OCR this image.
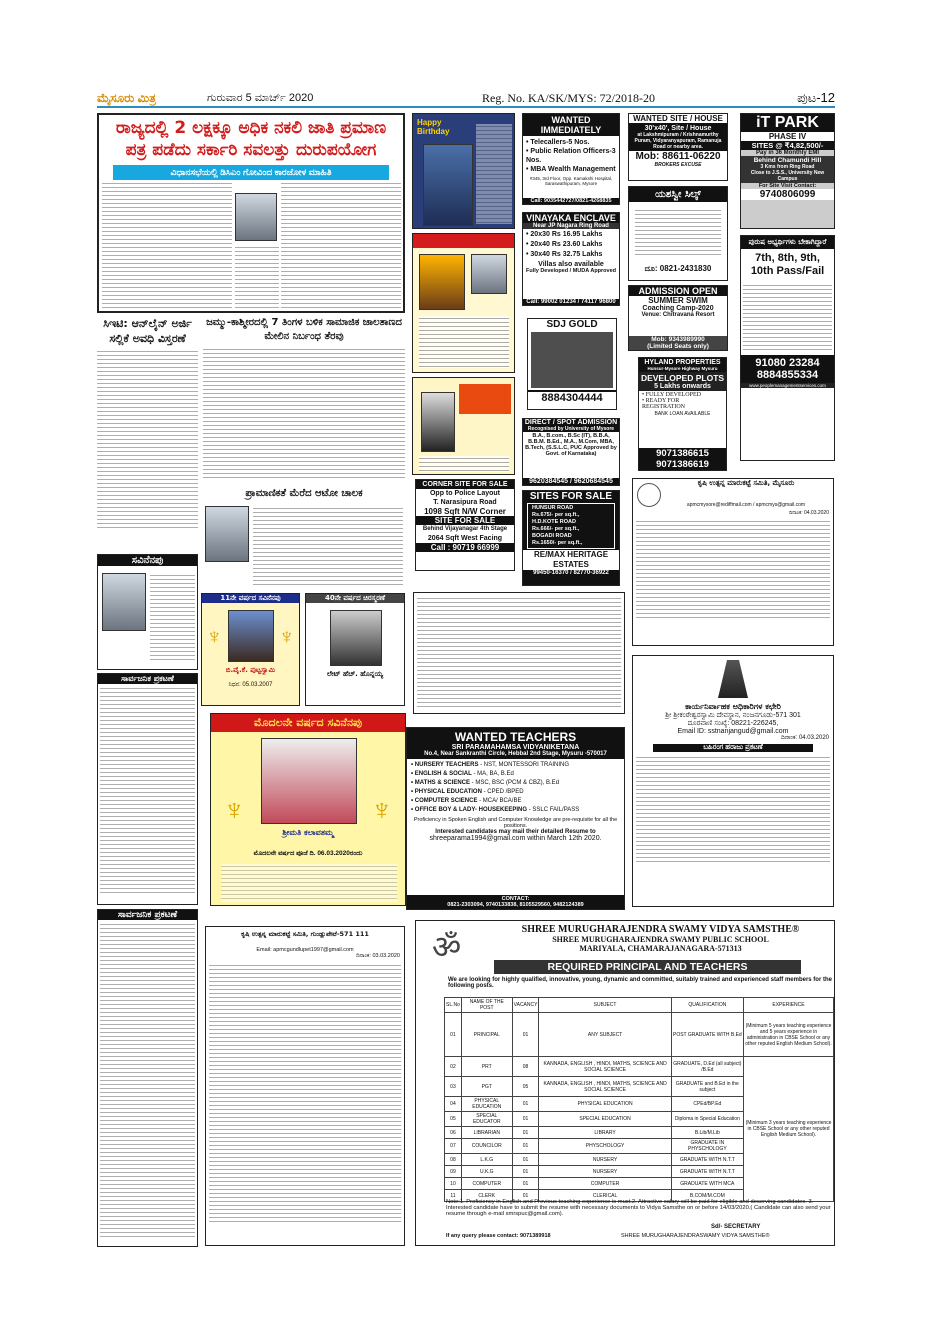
ಮೈಸೂರು ಮಿತ್ರ	ಗುರುವಾರ 5 ಮಾರ್ಚ್ 2020	Reg. No. KA/SK/MYS: 72/2018-20	ಪುಟ-12
ರಾಜ್ಯದಲ್ಲಿ 2 ಲಕ್ಷಕ್ಕೂ ಅಧಿಕ ನಕಲಿ ಜಾತಿ ಪ್ರಮಾಣ ಪತ್ರ ಪಡೆದು ಸರ್ಕಾರಿ ಸವಲತ್ತು ದುರುಪಯೋಗ
ವಿಧಾನಸಭೆಯಲ್ಲಿ ಡಿಸಿಎಂ ಗೋವಿಂದ ಕಾರಜೋಳ ಮಾಹಿತಿ
Happy Birthday
CORNER SITE FOR SALE
Opp to Police Layout
T. Narasipura Road
1098 Sqft N/W Corner
SITE FOR SALE
Behind Vijayanagar 4th Stage
2064 Sqft West Facing
Call : 90719 66999
WANTED IMMEDIATELY
• Telecallers-5 Nos.
• Public Relation Officers-3 Nos.
• MBA Wealth Management
#345, 3rd Floor, Opp. Kamakshi Hospital, Saraswathipuram, Mysore
Call: 9035442727/0821-4268835
VINAYAKA ENCLAVE
Near JP Nagara Ring Road
• 20x30 Rs 16.95 Lakhs
• 20x40 Rs 23.60 Lakhs
• 30x40 Rs 32.75 Lakhs
Villas also available
Fully Developed / MUDA Approved
Call: 99002 01234 / 74117 96800
SDJ GOLD
8884304444
DIRECT / SPOT ADMISSION
Recognised by University of Mysore
B.A., B.com., B.Sc (IT), B.B.A, B.B.M. B.Ed., M.A., M.Com, MBA, B.Tech, (S.S.L.C, PUC Approved by Govt. of Karnataka)
9620384545 / 9620684545
SITES FOR SALE
HUNSUR ROAD
Rs.675/- per sq.ft.,
H.D.KOTE ROAD
Rs.666/- per sq.ft.,
BOGADI ROAD
Rs.1650/- per sq.ft.,
RE/MAX HERITAGE ESTATES
99450-16370 / 82770-36922
WANTED SITE / HOUSE
30'x40', Site / House
at Lakshmipuram / Krishnamurthy Puram, Vidyaranyapuram, Ramanuja Road or nearby area.
Mob: 88611-06220
BROKERS EXCUSE
ಯಶಸ್ವೀ ಸಿಲ್ಕ್
ದೂ: 0821-2431830
ADMISSION OPEN
SUMMER SWIM
Coaching Camp-2020
Venue: Chitravana Resort
Mob: 9343989990
(Limited Seats only)
HYLAND PROPERTIES
Hunsur-Mysore Highway Mysuru
DEVELOPED PLOTS
5 Lakhs onwards
• FULLY DEVELOPED
• READY FOR REGISTRATION
BANK LOAN AVAILABLE
9071386615
9071386619
iT PARK
PHASE IV
SITES @ ₹4,82,500/-
Pay in 36 Monthly EMI
Behind Chamundi Hill
3 Kms from Ring Road
Close to J.S.S., University New Campus
For Site Visit Contact:
9740806099
ಪುರುಷ ಅಭ್ಯರ್ಥಿಗಳು ಬೇಕಾಗಿದ್ದಾರೆ
7th, 8th, 9th, 10th Pass/Fail
91080 23284
8884855334
www.peoplemanagementservices.com
ಕೃಷಿ ಉತ್ಪನ್ನ ಮಾರುಕಟ್ಟೆ ಸಮಿತಿ, ಮೈಸೂರು
apmcmysore@rediffmail.com / apmcmys@gmail.com
ದಿನಾಂಕ: 04.03.2020
ಕಾರ್ಯನಿರ್ವಾಹಕ ಅಧಿಕಾರಿಗಳ ಕಛೇರಿ
ಶ್ರೀ ಶ್ರೀಕಂಠೇಶ್ವರಸ್ವಾಮಿ ದೇವಸ್ಥಾನ, ನಂಜನಗೂಡು-571 301
ದೂರವಾಣಿ ಸಂಖ್ಯೆ: 08221-226245,
Email ID: sstnanjangud@gmail.com
ದಿನಾಂಕ: 04.03.2020
ಬಹಿರಂಗ ಹರಾಜು ಪ್ರಕಟಣೆ
ಸಿಇಟಿ: ಆನ್‌ಲೈನ್ ಅರ್ಜಿ ಸಲ್ಲಿಕೆ ಅವಧಿ ವಿಸ್ತರಣೆ
ಜಮ್ಮು-ಕಾಶ್ಮೀರದಲ್ಲಿ 7 ತಿಂಗಳ ಬಳಿಕ ಸಾಮಾಜಿಕ ಜಾಲತಾಣದ ಮೇಲಿನ ನಿರ್ಬಂಧ ತೆರವು
ಪ್ರಾಮಾಣಿಕತೆ ಮೆರೆದ ಆಟೋ ಚಾಲಕ
ಸವಿನೆನಪು
ಸಾರ್ವಜನಿಕ ಪ್ರಕಟಣೆ
ಸಾರ್ವಜನಿಕ ಪ್ರಕಟಣೆ
11ನೇ ವರ್ಷದ ಸವಿನೆನಪು
♆	♆
ಬಿ.ವೈ.ಕೆ. ಪುಟ್ಟಸ್ವಾಮಿ
ನಿಧನ: 05.03.2007
40ನೇ ವರ್ಷದ ಚಿರಸ್ಮರಣೆ
ಲೇಟ್ ಹೆಚ್. ಹೊನ್ನಯ್ಯ
ಮೊದಲನೇ ವರ್ಷದ ಸವಿನೆನಪು
♆	♆
ಶ್ರೀಮತಿ ಕಲಾವತಮ್ಮ
ಮೊದಲನೇ ವರ್ಷದ ಪೂಜೆ ದಿ. 06.03.2020ರಂದು
WANTED TEACHERS
SRI PARAMAHAMSA VIDYANIKETANA
No.4, Near Sankranthi Circle, Hebbal 2nd Stage, Mysuru -570017
• NURSERY TEACHERS - NST, MONTESSORI TRAINING
• ENGLISH & SOCIAL - MA, BA, B.Ed
• MATHS & SCIENCE - MSC, BSC (PCM & CBZ), B.Ed
• PHYSICAL EDUCATION - CPED /BPED
• COMPUTER SCIENCE - MCA/ BCA/BE
• OFFICE BOY & LADY- HOUSEKEEPING - SSLC FAIL/PASS
Proficiency in Spoken English and Computer Knowledge are pre-requisite for all the positions.
Interested candidates may mail their detailed Resume to
shreeparama1994@gmail.com within March 12th 2020.
CONTACT:
0821-2303094, 9740133838, 8105529560, 9482124389
ಕೃಷಿ ಉತ್ಪನ್ನ ಮಾರುಕಟ್ಟೆ ಸಮಿತಿ, ಗುಂಡ್ಲುಪೇಟೆ-571 111
Email: apmcgundlupet1997@gmail.com
ದಿನಾಂಕ: 03.03.2020 ॐ	SHREE MURUGHARAJENDRA SWAMY VIDYA SAMSTHE®
SHREE MURUGHARAJENDRA SWAMY PUBLIC SCHOOL
MARIYALA, CHAMARAJANAGARA-571313
REQUIRED PRINCIPAL AND TEACHERS
We are looking for highly qualified, innovative, young, dynamic and committed, suitably trained and experienced staff members for the following posts.
SL.No	NAME OF THE POST	VACANCY	SUBJECT	QUALIFICATION	EXPERIENCE
01	PRINCIPAL	01	ANY SUBJECT	POST GRADUATE WITH B.Ed	(Minimum 5 years teaching experience and 5 years experience in administration in CBSE School or any other reputed English Medium School).
02	PRT	08	KANNADA, ENGLISH , HINDI, MATHS, SCIENCE AND SOCIAL SCIENCE	GRADUATE, D.Ed (all subject) /B.Ed	(Minimum 3 years teaching experience in CBSE School or any other reputed English Medium School).
03	PGT	05	KANNADA, ENGLISH , HINDI, MATHS, SCIENCE AND SOCIAL SCIENCE	GRADUATE and B.Ed in the subject	
04	PHYSICAL EDUCATION	01	PHYSICAL EDUCATION	CPEd/BP.Ed	
05	SPECIAL EDUCATOR	01	SPECIAL EDUCATION	Diploma in Special Education	
06	LIBRARIAN	01	LIBRARY	B.Lib/M.Lib	
07	COUNCILOR	01	PHYSCHOLOGY	GRADUATE IN PHYSCHOLOGY	
08	L.K.G	01	NURSERY	GRADUATE WITH N.T.T	
09	U.K.G	01	NURSERY	GRADUATE WITH N.T.T	
10	COMPUTER	01	COMPUTER	GRADUATE WITH MCA	
11	CLERK	01	CLERICAL	B.COM/M.COM	
Note:1. Proficiency in English and Previous teaching experience is must.2. Attractive salary will be paid for eligible and deserving candidates. 3. Interested candidate have to submit the resume with necessary documents to Vidya Samsthe on or before 14/03/2020.( Candidate can also send your resume through e-mail smrspuc@gmail.com).
If any query please contact: 9071389918
Sd/- SECRETARY
SHREE MURUGHARAJENDRASWAMY VIDYA SAMSTHE®
